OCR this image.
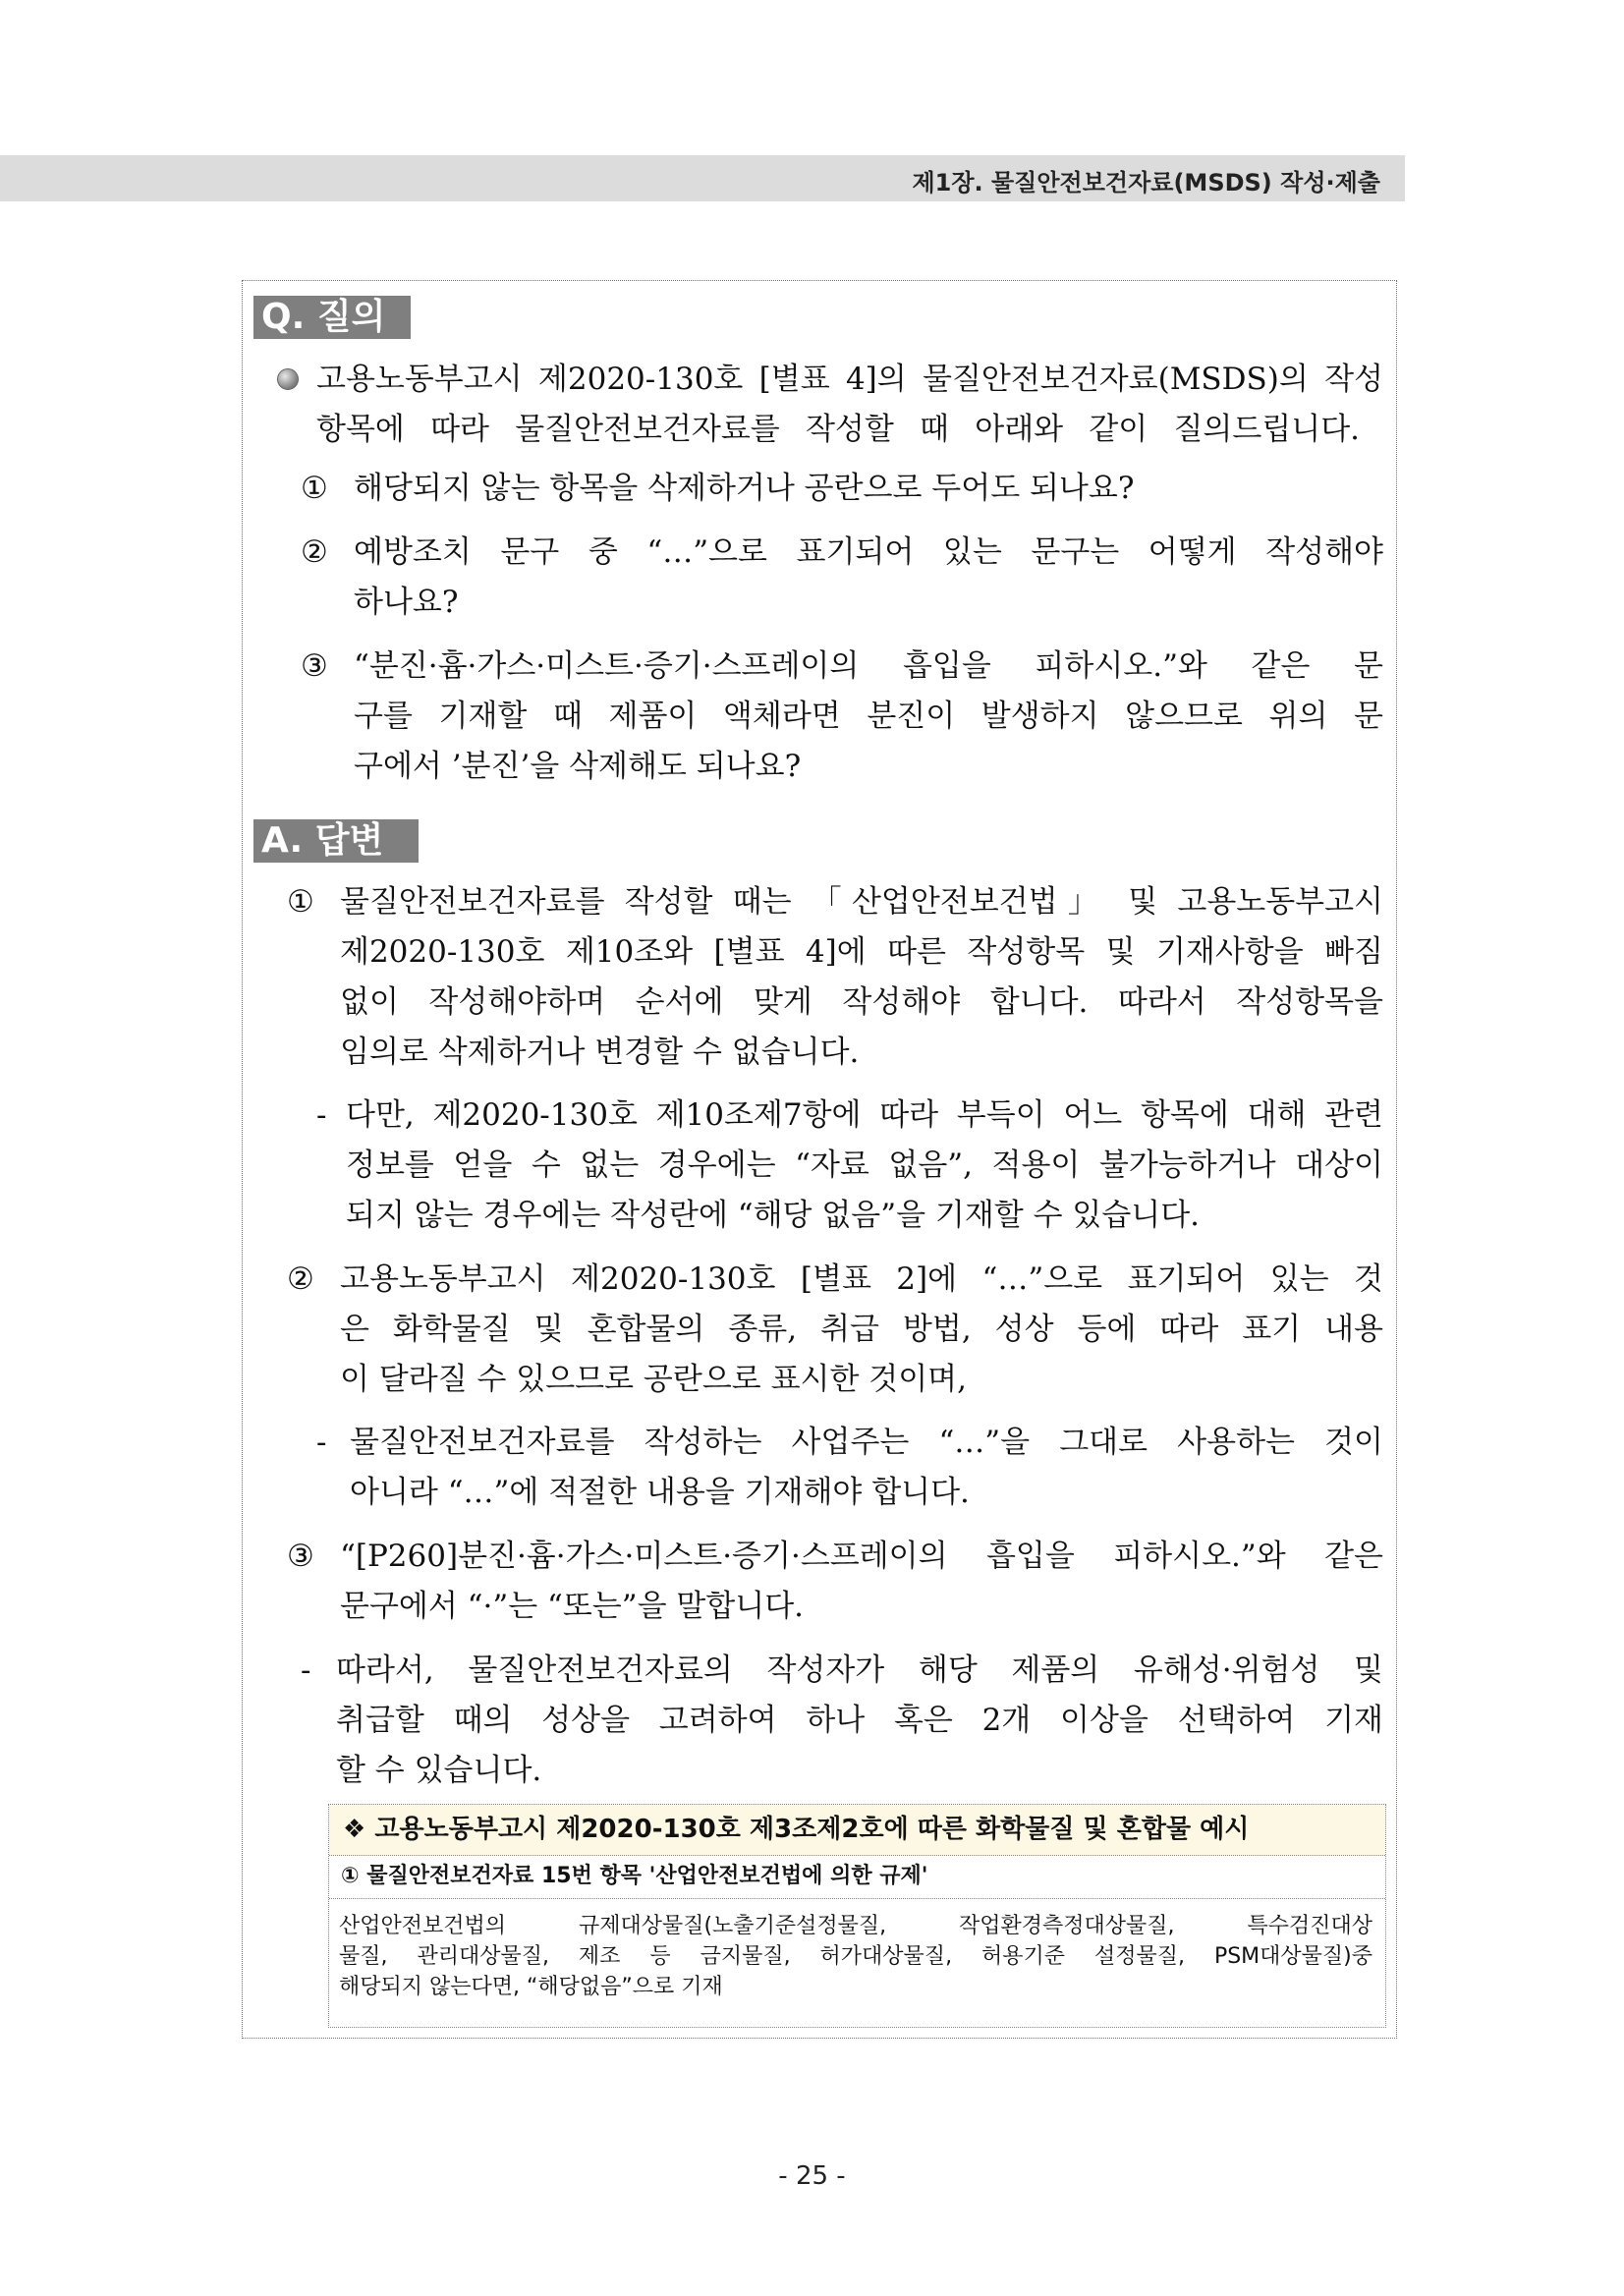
제1장. 물질안전보건자료(MSDS) 작성·제출
Q. 질의
고용노동부고시 제2020-130호 [별표 4]의 물질안전보건자료(MSDS)의 작성
항목에 따라 물질안전보건자료를 작성할 때 아래와 같이 질의드립니다.
① 해당되지 않는 항목을 삭제하거나 공란으로 두어도 되나요?
② 예방조치 문구 중 “…”으로 표기되어 있는 문구는 어떻게 작성해야
하나요?
③ “분진·흄·가스·미스트·증기·스프레이의 흡입을 피하시오.”와 같은 문
구를 기재할 때 제품이 액체라면 분진이 발생하지 않으므로 위의 문
구에서 ’분진’을 삭제해도 되나요?
A. 답변
① 물질안전보건자료를 작성할 때는 「산업안전보건법」 및 고용노동부고시
제2020-130호 제10조와 [별표 4]에 따른 작성항목 및 기재사항을 빠짐
없이 작성해야하며 순서에 맞게 작성해야 합니다. 따라서 작성항목을
임의로 삭제하거나 변경할 수 없습니다.
- 다만, 제2020-130호 제10조제7항에 따라 부득이 어느 항목에 대해 관련
정보를 얻을 수 없는 경우에는 “자료 없음”, 적용이 불가능하거나 대상이
되지 않는 경우에는 작성란에 “해당 없음”을 기재할 수 있습니다.
② 고용노동부고시 제2020-130호 [별표 2]에 “…”으로 표기되어 있는 것
은 화학물질 및 혼합물의 종류, 취급 방법, 성상 등에 따라 표기 내용
이 달라질 수 있으므로 공란으로 표시한 것이며,
- 물질안전보건자료를 작성하는 사업주는 “…”을 그대로 사용하는 것이
아니라 “…”에 적절한 내용을 기재해야 합니다.
③ “[P260]분진·흄·가스·미스트·증기·스프레이의 흡입을 피하시오.”와 같은
문구에서 “·”는 “또는”을 말합니다.
- 따라서, 물질안전보건자료의 작성자가 해당 제품의 유해성·위험성 및
취급할 때의 성상을 고려하여 하나 혹은 2개 이상을 선택하여 기재
할 수 있습니다.
❖ 고용노동부고시 제2020-130호 제3조제2호에 따른 화학물질 및 혼합물 예시
① 물질안전보건자료 15번 항목 '산업안전보건법에 의한 규제'
산업안전보건법의 규제대상물질(노출기준설정물질, 작업환경측정대상물질, 특수검진대상
물질, 관리대상물질, 제조 등 금지물질, 허가대상물질, 허용기준 설정물질, PSM대상물질)중
해당되지 않는다면, “해당없음”으로 기재
- 25 -
